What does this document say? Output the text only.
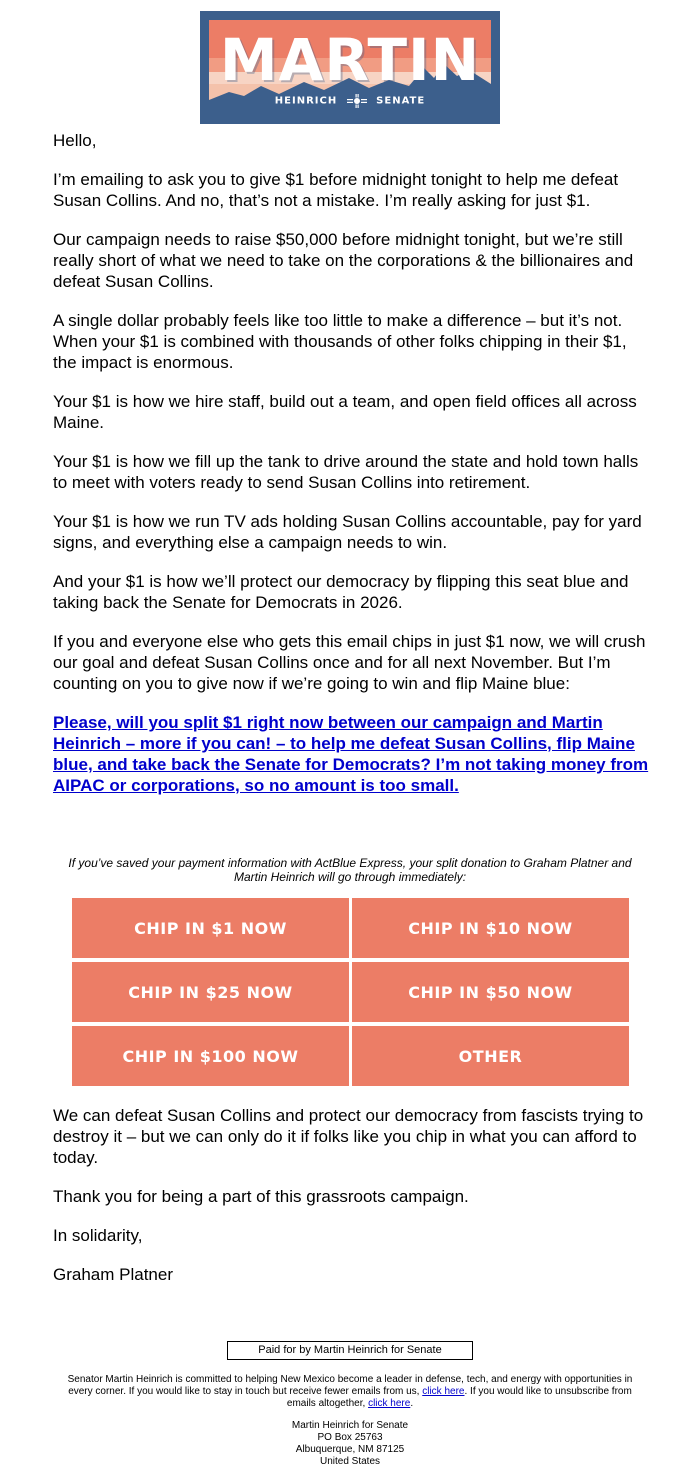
MARTIN
HEINRICH	SENATE

Hello,

I’m emailing to ask you to give $1 before midnight tonight to help me defeat Susan Collins. And no, that’s not a mistake. I’m really asking for just $1.

Our campaign needs to raise $50,000 before midnight tonight, but we’re still really short of what we need to take on the corporations & the billionaires and defeat Susan Collins.

A single dollar probably feels like too little to make a difference – but it’s not. When your $1 is combined with thousands of other folks chipping in their $1, the impact is enormous.

Your $1 is how we hire staff, build out a team, and open field offices all across Maine.

Your $1 is how we fill up the tank to drive around the state and hold town halls to meet with voters ready to send Susan Collins into retirement.

Your $1 is how we run TV ads holding Susan Collins accountable, pay for yard signs, and everything else a campaign needs to win.

And your $1 is how we’ll protect our democracy by flipping this seat blue and taking back the Senate for Democrats in 2026.

If you and everyone else who gets this email chips in just $1 now, we will crush our goal and defeat Susan Collins once and for all next November. But I’m counting on you to give now if we’re going to win and flip Maine blue:

Please, will you split $1 right now between our campaign and Martin Heinrich – more if you can! – to help me defeat Susan Collins, flip Maine blue, and take back the Senate for Democrats? I’m not taking money from AIPAC or corporations, so no amount is too small.

If you’ve saved your payment information with ActBlue Express, your split donation to Graham Platner and Martin Heinrich will go through immediately:
CHIP IN $1 NOW	CHIP IN $10 NOW
CHIP IN $25 NOW	CHIP IN $50 NOW
CHIP IN $100 NOW	OTHER

We can defeat Susan Collins and protect our democracy from fascists trying to destroy it – but we can only do it if folks like you chip in what you can afford to today.

Thank you for being a part of this grassroots campaign.

In solidarity,

Graham Platner

Paid for by Martin Heinrich for Senate
Senator Martin Heinrich is committed to helping New Mexico become a leader in defense, tech, and energy with opportunities in every corner. If you would like to stay in touch but receive fewer emails from us, click here. If you would like to unsubscribe from emails altogether, click here.
Martin Heinrich for Senate
PO Box 25763
Albuquerque, NM 87125
United States
